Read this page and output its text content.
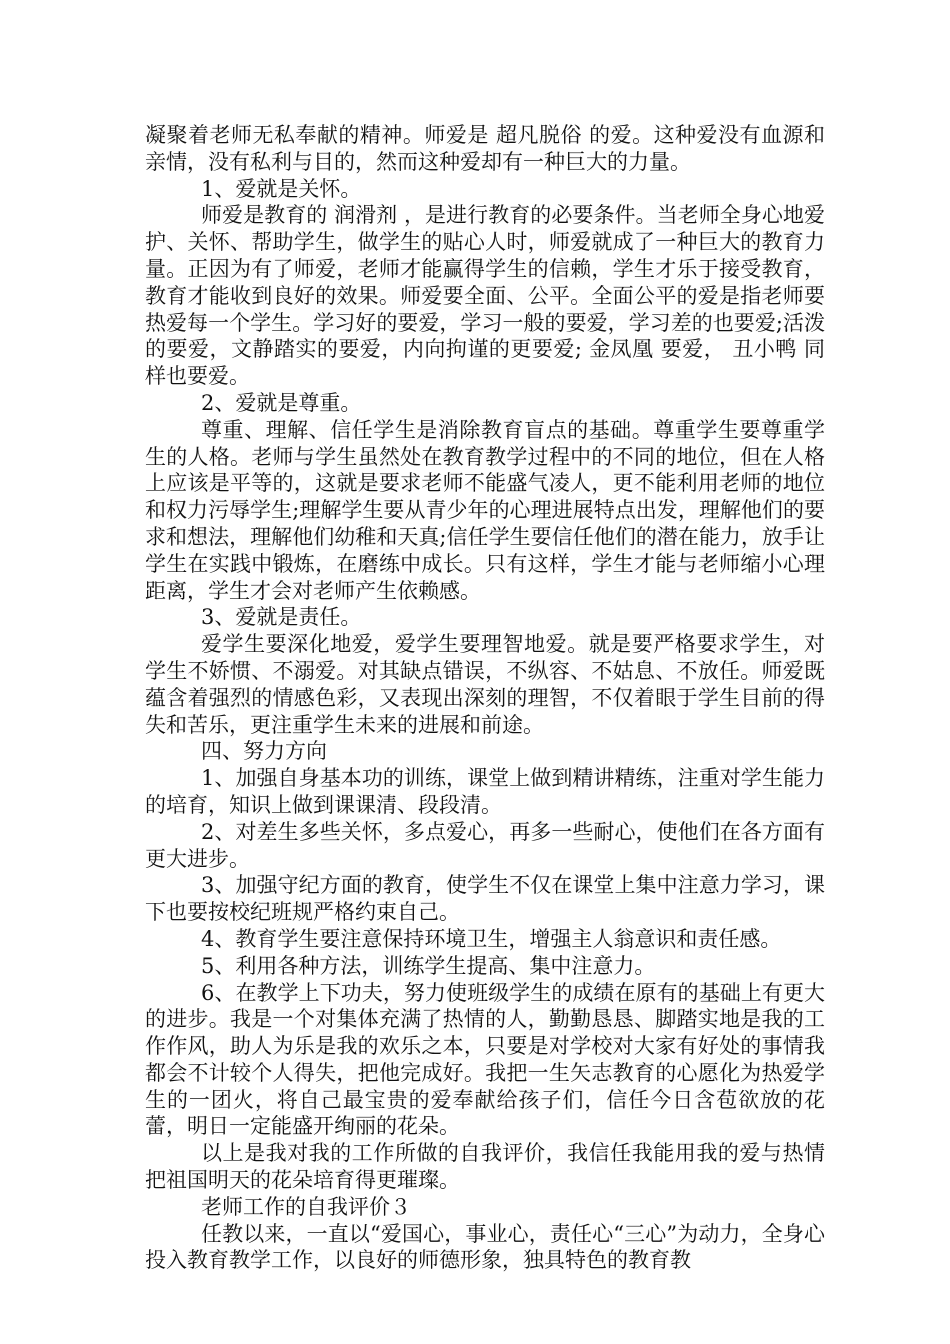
凝聚着老师无私奉献的精神。师爱是 超凡脱俗 的爱。这种爱没有血源和亲情，没有私利与目的，然而这种爱却有一种巨大的力量。

1、爱就是关怀。

师爱是教育的 润滑剂 ，是进行教育的必要条件。当老师全身心地爱护、关怀、帮助学生，做学生的贴心人时，师爱就成了一种巨大的教育力量。正因为有了师爱，老师才能赢得学生的信赖，学生才乐于接受教育，教育才能收到良好的效果。师爱要全面、公平。全面公平的爱是指老师要热爱每一个学生。学习好的要爱，学习一般的要爱，学习差的也要爱;活泼的要爱，文静踏实的要爱，内向拘谨的更要爱; 金凤凰 要爱， 丑小鸭 同样也要爱。

2、爱就是尊重。

尊重、理解、信任学生是消除教育盲点的基础。尊重学生要尊重学生的人格。老师与学生虽然处在教育教学过程中的不同的地位，但在人格上应该是平等的，这就是要求老师不能盛气凌人，更不能利用老师的地位和权力污辱学生;理解学生要从青少年的心理进展特点出发，理解他们的要求和想法，理解他们幼稚和天真;信任学生要信任他们的潜在能力，放手让学生在实践中锻炼，在磨练中成长。只有这样，学生才能与老师缩小心理距离，学生才会对老师产生依赖感。

3、爱就是责任。

爱学生要深化地爱，爱学生要理智地爱。就是要严格要求学生，对学生不娇惯、不溺爱。对其缺点错误，不纵容、不姑息、不放任。师爱既蕴含着强烈的情感色彩，又表现出深刻的理智，不仅着眼于学生目前的得失和苦乐，更注重学生未来的进展和前途。

四、努力方向

1、加强自身基本功的训练，课堂上做到精讲精练，注重对学生能力的培育，知识上做到课课清、段段清。

2、对差生多些关怀，多点爱心，再多一些耐心，使他们在各方面有更大进步。

3、加强守纪方面的教育，使学生不仅在课堂上集中注意力学习，课下也要按校纪班规严格约束自己。

4、教育学生要注意保持环境卫生，增强主人翁意识和责任感。

5、利用各种方法，训练学生提高、集中注意力。

6、在教学上下功夫，努力使班级学生的成绩在原有的基础上有更大的进步。我是一个对集体充满了热情的人，勤勤恳恳、脚踏实地是我的工作作风，助人为乐是我的欢乐之本，只要是对学校对大家有好处的事情我都会不计较个人得失，把他完成好。我把一生矢志教育的心愿化为热爱学生的一团火，将自己最宝贵的爱奉献给孩子们，信任今日含苞欲放的花蕾，明日一定能盛开绚丽的花朵。

以上是我对我的工作所做的自我评价，我信任我能用我的爱与热情把祖国明天的花朵培育得更璀璨。

老师工作的自我评价３

任教以来，一直以“爱国心，事业心，责任心“三心”为动力，全身心投入教育教学工作，以良好的师德形象，独具特色的教育教
